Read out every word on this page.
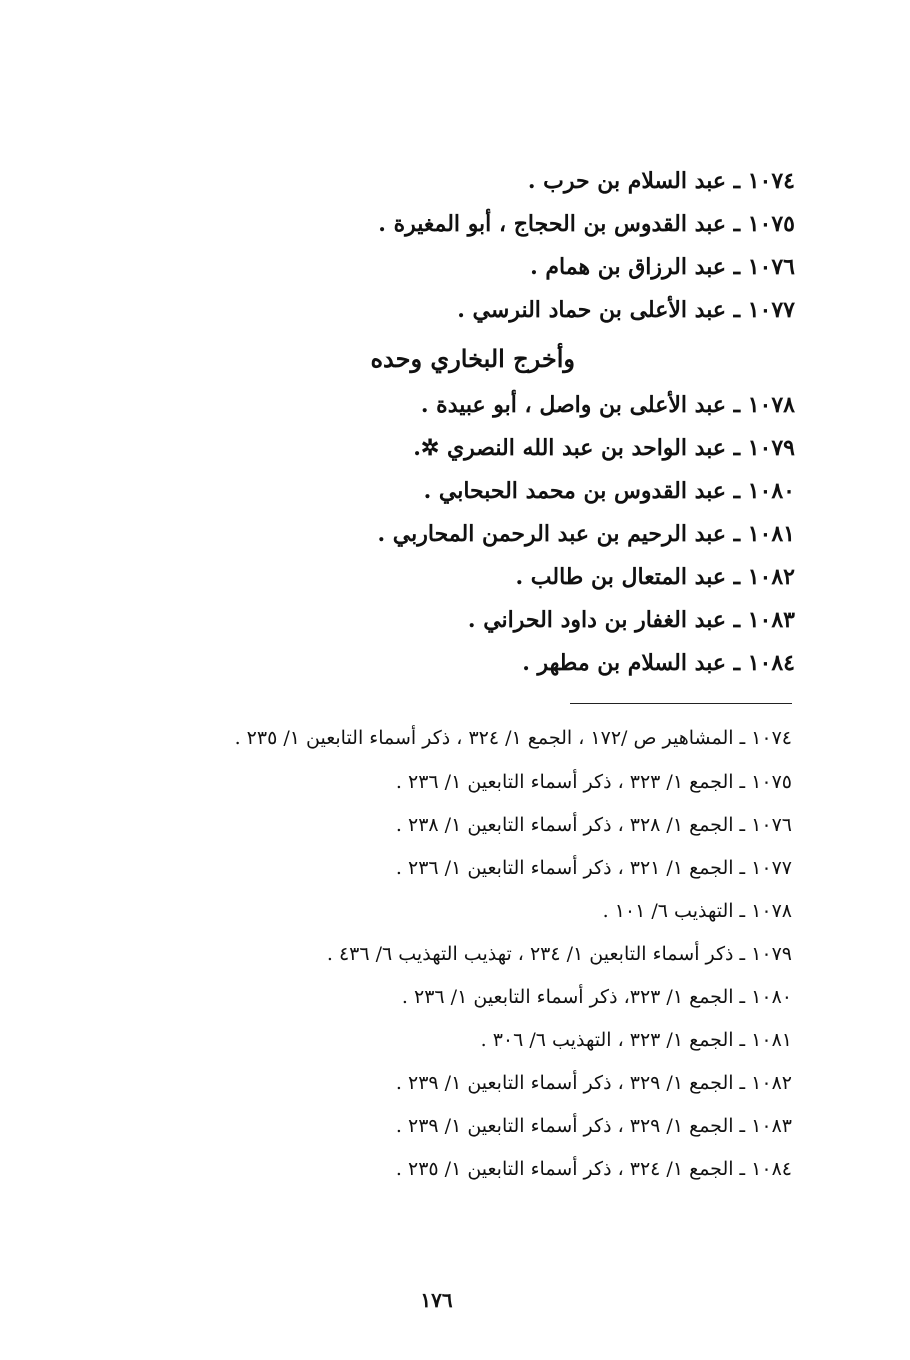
١٠٧٤ ـ عبد السلام بن حرب .
١٠٧٥ ـ عبد القدوس بن الحجاج ، أبو المغيرة .
١٠٧٦ ـ عبد الرزاق بن همام .
١٠٧٧ ـ عبد الأعلى بن حماد النرسي .
وأخرج البخاري وحده
١٠٧٨ ـ عبد الأعلى بن واصل ، أبو عبيدة .
١٠٧٩ ـ عبد الواحد بن عبد الله النصري ✲.
١٠٨٠ ـ عبد القدوس بن محمد الحبحابي .
١٠٨١ ـ عبد الرحيم بن عبد الرحمن المحاربي .
١٠٨٢ ـ عبد المتعال بن طالب .
١٠٨٣ ـ عبد الغفار بن داود الحراني .
١٠٨٤ ـ عبد السلام بن مطهر .
١٠٧٤ ـ المشاهير ص /١٧٢ ، الجمع ١/ ٣٢٤ ، ذكر أسماء التابعين ١/ ٢٣٥ .
١٠٧٥ ـ الجمع ١/ ٣٢٣ ، ذكر أسماء التابعين ١/ ٢٣٦ .
١٠٧٦ ـ الجمع ١/ ٣٢٨ ، ذكر أسماء التابعين ١/ ٢٣٨ .
١٠٧٧ ـ الجمع ١/ ٣٢١ ، ذكر أسماء التابعين ١/ ٢٣٦ .
١٠٧٨ ـ التهذيب ٦/ ١٠١ .
١٠٧٩ ـ ذكر أسماء التابعين ١/ ٢٣٤ ، تهذيب التهذيب ٦/ ٤٣٦ .
١٠٨٠ ـ الجمع ١/ ٣٢٣، ذكر أسماء التابعين ١/ ٢٣٦ .
١٠٨١ ـ الجمع ١/ ٣٢٣ ، التهذيب ٦/ ٣٠٦ .
١٠٨٢ ـ الجمع ١/ ٣٢٩ ، ذكر أسماء التابعين ١/ ٢٣٩ .
١٠٨٣ ـ الجمع ١/ ٣٢٩ ، ذكر أسماء التابعين ١/ ٢٣٩ .
١٠٨٤ ـ الجمع ١/ ٣٢٤ ، ذكر أسماء التابعين ١/ ٢٣٥ .
١٧٦
